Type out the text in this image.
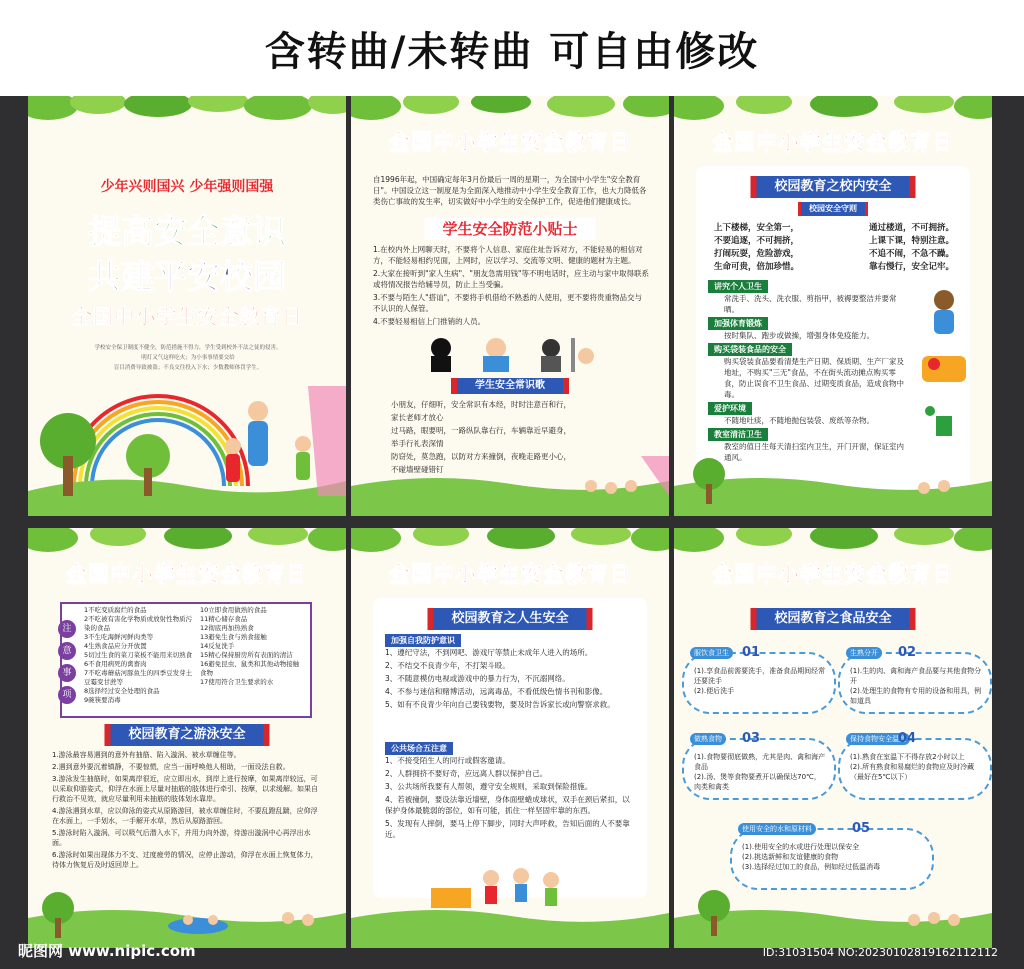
含转曲/未转曲 可自由修改
少年兴则国兴 少年强则国强
提高安全意识
共建平安校园
全国中小学生安全教育日

学校安全保卫制度不健全，防范措施不得力，学生受到校外不法之徒的侵害。

明灯又气这样吃火；为小事事情要交给

盲目消费导致被盗；不良交往投入下水；少数教师体罚学生。

全国中小学生安全教育日
自1996年起，中国确定每年3月份最后一周的星期一，为全国中小学生"安全教育日"。中国设立这一制度是为全面深入地推动中小学生安全教育工作，也大力降低各类伤亡事故的发生率，切实做好中小学生的安全保护工作，促进他们健康成长。
学生安全防范小贴士

1.在校内外上网聊天时，不要将个人信息、家庭住址告诉对方，不能轻易的相信对方，不能轻易相约见面，上网时，应以学习、交流等文明、健康的题材为主题。

2.大家在接听到"家人生病"、"朋友急需用钱"等不明电话时，应主动与家中取得联系或将情况报告给辅导员，防止上当受骗。

3.不要与陌生人"搭讪"，不要将手机借给不熟悉的人使用，更不要将贵重物品交与不认识的人保管。

4.不要轻易相信上门推销的人员。

学生安全常识歌

小朋友，仔细听，安全常识有本经，时时注意百和行，

家长老师才放心

过马路，眼要明，一路纵队靠右行，车辆靠近早避身，

举手行礼表深情

防窃处，莫急跑，以防对方来撞倒，夜晚走路更小心，

不碰墙壁碰错钉

全国中小学生安全教育日
校园教育之校内安全
校园安全守则
上下楼梯，安全第一，	通过楼道，不可拥挤。
不要追逐，不可拥挤，	上课下课，特别注意。
打闹玩耍，危险游戏，	不追不闹，不急不躁。
生命可贵，倍加珍惜。	靠右慢行，安全记牢。
讲究个人卫生

常洗手、洗头、洗衣服、剪指甲，被褥要整洁并要常晒。

加强体育锻炼

按时集队、跑步或做操，增强身体免疫能力。

购买袋装食品的安全

购买袋装食品要看清楚生产日期、保质期、生产厂家及地址，不购买"三无"食品，不在街头流动摊点购买零食，防止误食不卫生食品、过期变质食品，造成食物中毒。

爱护环境

不随地吐痰，不随地抛包装袋、废纸等杂物。

教室清洁卫生

教室的值日生每天清扫室内卫生，开门开窗，保证室内通风。

全国中小学生安全教育日
注
意
事
项

1不吃变质腐烂的食品

2不吃被有害化学物质或放射性物质污染的食品

3不生吃海鲜河鲜肉类等

4生熟食品应分开放置

5切过生食的菜刀菜板不能用来切熟食

6不食用病死的禽畜肉

7不吃毒蘑菇河豚鱼生的四季豆发芽土豆霉变甘蔗等

8选择经过安全处理的食品

9碗筷要消毒

10立即食用做熟的食品

11精心储存食品

12彻底再加热熟食

13避免生食与熟食接触

14反复洗手

15精心保持厨房所有表面的清洁

16避免昆虫、鼠类和其他动物接触食物

17使用符合卫生要求的水

校园教育之游泳安全

1.游泳最容易遇到的意外有抽筋、陷入漩涡、被水草缠住等。

2.遇到意外要沉着镇静，不要惊慌，应当一面呼唤他人相助，一面设法自救。

3.游泳发生抽筋时，如果离岸很近，应立即出水，到岸上进行按摩，如果离岸较远，可以采取仰游姿式，仰浮在水面上尽量对抽筋的肢体进行牵引、按摩，以求缓解。如果自行救治不见效，就应尽量利用未抽筋的肢体划水靠岸。

4.游泳遇到水草，应以仰泳的姿式从原路游回，被水草缠住时，不要乱蹬乱踹，应仰浮在水面上，一手划水，一手解开水草，然后从原路游回。

5.游泳时陷入漩涡，可以吸气后潜入水下，并用力向外游，待游出漩涡中心再浮出水面。

6.游泳时如果出现体力不支、过度疲劳的情况，应停止游动，仰浮在水面上恢复体力，待体力恢复后及时返回岸上。

全国中小学生安全教育日
校园教育之人生安全
加强自我防护意识

1、遵纪守法，不到网吧、游戏厅等禁止未成年人进入的场所。

2、不结交不良青少年，不打架斗殴。

3、不随意模仿电视或游戏中的暴力行为，不沉溺网络。

4、不参与迷信和赌博活动，远离毒品，不看低级色情书刊和影像。

5、如有不良青少年向自己要钱要物，要及时告诉家长或向警察求救。

公共场合五注意

1、不接受陌生人的同行或假客邀请。

2、人群拥挤不要好奇，应远离人群以保护自己。

3、公共场所我要有人帮领，遵守安全规则，采取到保险措施。

4、若被撞倒，要设法靠近墙壁，身体面壁蜷成球状，双手在颈后紧扣，以保护身体最脆弱的部位，如有可能，抓住一样坚固牢靠的东西。

5、发现有人摔倒，要马上停下脚步，同时大声呼救，告知后面的人不要靠近。

全国中小学生安全教育日
校园教育之食品安全
服饮食卫生	01
(1).享食品前需要洗手，准备食品期间经常还要洗手
(2).便后洗手
生熟分开	02
(1).生的肉、禽和海产食品要与其他食物分开
(2).处理生的食物有专用的设备和用具，例如道具
做熟食物	03
(1).食物要彻底做熟，尤其是肉、禽和海产食品
(2).汤、煲等食物要煮开以确保达70℃，肉类和禽类
保持食物安全温度
04
(1).熟食在室温下不得存放2小时以上
(2).所有熟食和易腐烂的食物应及时冷藏（最好在5℃以下）
使用安全的水和原材料	05
(1).使用安全的水或进行处理以保安全
(2).挑选新鲜和友谊健康的食物
(3).选择经过加工的食品，例如经过低温消毒
昵图网 www.nipic.com	ID:31031504 NO:20230102819162112112
